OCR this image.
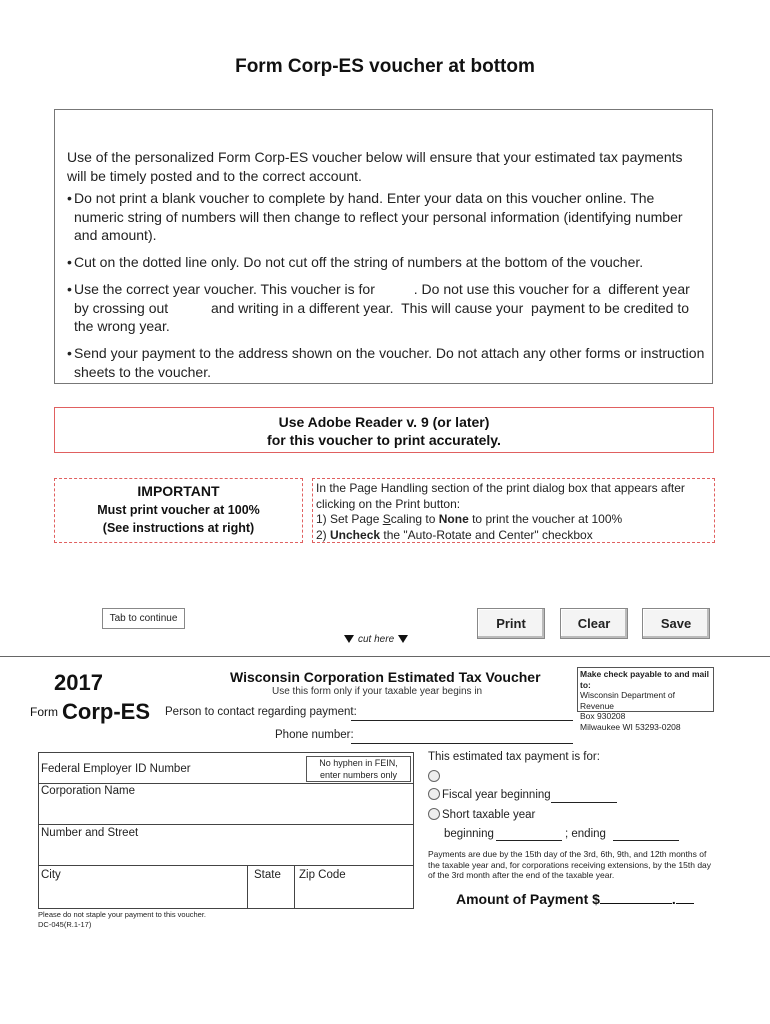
Form Corp-ES voucher at bottom
Use of the personalized Form Corp-ES voucher below will ensure that your estimated tax payments will be timely posted and to the correct account.
• Do not print a blank voucher to complete by hand. Enter your data on this voucher online. The numeric string of numbers will then change to reflect your personal information (identifying number and amount).
• Cut on the dotted line only. Do not cut off the string of numbers at the bottom of the voucher.
• Use the correct year voucher. This voucher is for          . Do not use this voucher for a  different year by crossing out           and writing in a different year.  This will cause your  payment to be credited to the wrong year.
• Send your payment to the address shown on the voucher. Do not attach any other forms or instruction sheets to the voucher.
Use Adobe Reader v. 9 (or later)
for this voucher to print accurately.
IMPORTANT
Must print voucher at 100%
(See instructions at right)
In the Page Handling section of the print dialog box that appears after clicking on the Print button:
1) Set Page Scaling to None to print the voucher at 100%
2) Uncheck the "Auto-Rotate and Center" checkbox
Tab to continue	Print	Clear	Save
cut here
2017
Form Corp-ES
Wisconsin Corporation Estimated Tax Voucher
Use this form only if your taxable year begins in
Make check payable to and mail to:
Wisconsin Department of Revenue
Box 930208
Milwaukee WI 53293-0208
Person to contact regarding payment:
Phone number:
Federal Employer ID Number
Corporation Name
Number and Street
City	State Zip Code
No hyphen in FEIN,
enter numbers only
This estimated tax payment is for:
Fiscal year beginning
Short taxable year
beginning	; ending
Payments are due by the 15th day of the 3rd, 6th, 9th, and 12th months of the taxable year and, for corporations receiving extensions, by the 15th day of the 3rd month after the end of the taxable year.
Amount of Payment $	.
Please do not staple your payment to this voucher.
DC-045(R.1-17)
